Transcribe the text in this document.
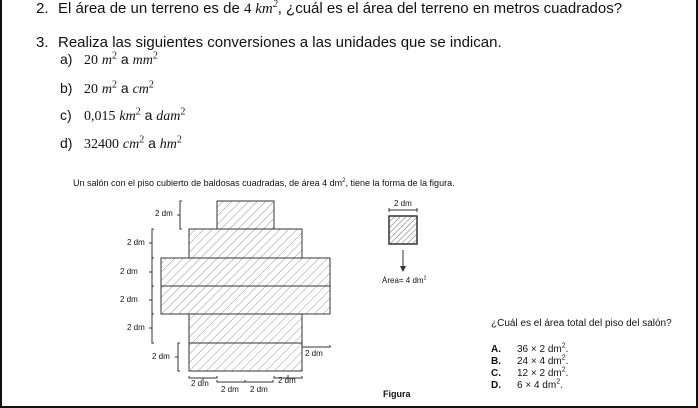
2. El área de un terreno es de 4 $km^2$, ¿cuál es el área del terreno en metros cuadrados?
3. Realiza las siguientes conversiones a las unidades que se indican.
a) 20 $m^2$ a $mm^2$
b) 20 $m^2$ a $cm^2$
c) 0,015 $km^2$ a dam$^2$
d) 32400 $cm^2$ a $hm^2$
Un salón con el piso cubierto de baldosas cuadradas, de área 4 $dm^2$, tiene la forma de la figura.
2 dm
2 dm
2 dm
2 dm
2 dm
2 dm	2 dm
2 dm
2 dm 2 dm
2 dm
2 dm
Área= 4 $dm^2$
Figura
¿Cuál es el área total del piso del salón?
A. 36 × 2 $dm^2$.
B. 24 × 4 $dm^2$.
C. 12 × 2 $dm^2$.
D. 6 × 4 $dm^2$.
